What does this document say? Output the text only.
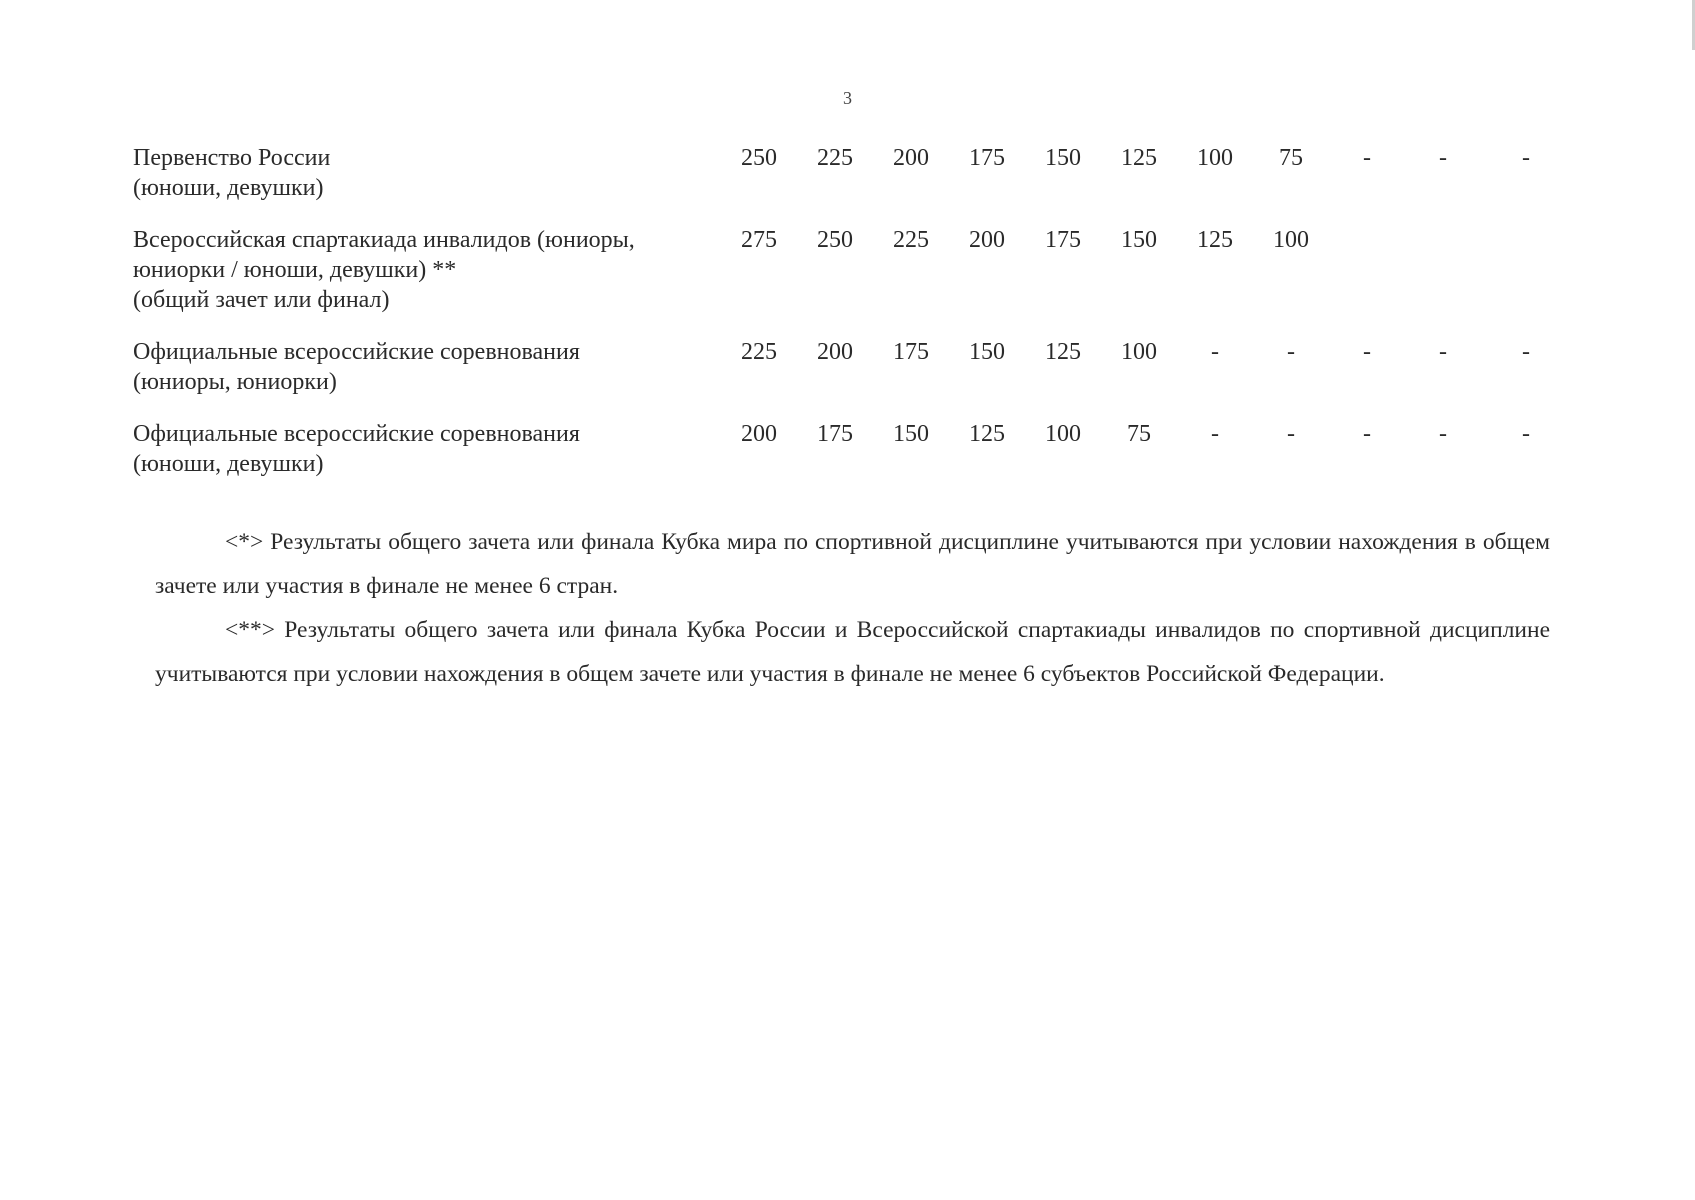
3
Первенство России
(юноши, девушки)
250	225	200	175	150	125	100	75	-	-	-
Всероссийская спартакиада инвалидов (юниоры,
юниорки / юноши, девушки) **
(общий зачет или финал)
275	250	225	200	175	150	125	100
Официальные всероссийские соревнования
(юниоры, юниорки)
225	200	175	150	125	100	-	-	-	-	-
Официальные всероссийские соревнования
(юноши, девушки)
200	175	150	125	100	75	-	-	-	-	-

<*> Результаты общего зачета или финала Кубка мира по спортивной дисциплине учитываются при условии нахождения в общем зачете или участия в финале не менее 6 стран.

<**> Результаты общего зачета или финала Кубка России и Всероссийской спартакиады инвалидов по спортивной дисциплине учитываются при условии нахождения в общем зачете или участия в финале не менее 6 субъектов Российской Федерации.
